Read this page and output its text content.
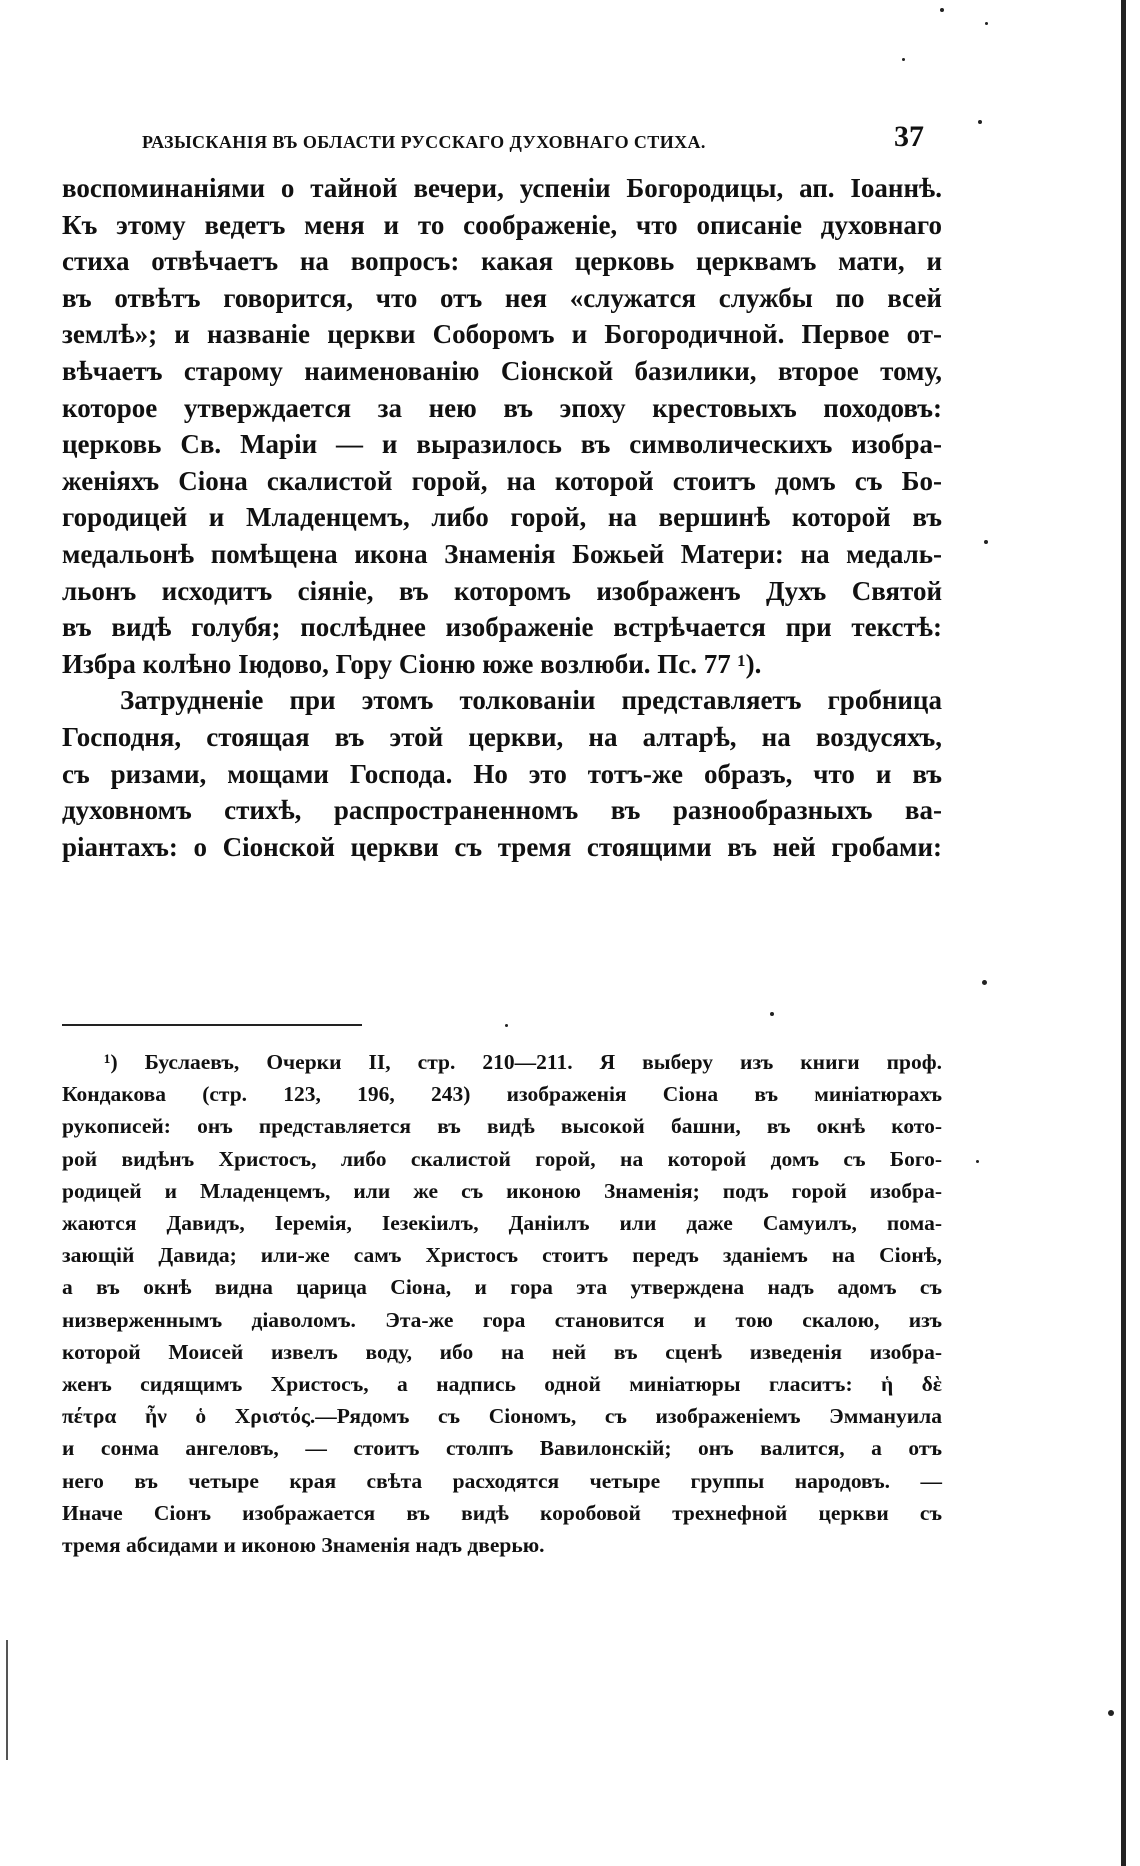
РАЗЫСКАНІЯ ВЪ ОБЛАСТИ РУССКАГО ДУХОВНАГО СТИХА.	37
воспоминаніями о тайной вечери, успеніи Богородицы, ап. Іоаннѣ.
Къ этому ведетъ меня и то соображеніе, что описаніе духовнаго
стиха отвѣчаетъ на вопросъ: какая церковь церквамъ мати, и
въ отвѣтъ говорится, что отъ нея «служатся службы по всей
землѣ»; и названіе церкви Соборомъ и Богородичной. Первое от-
вѣчаетъ старому наименованію Сіонской базилики, второе тому,
которое утверждается за нею въ эпоху крестовыхъ походовъ:
церковь Св. Маріи — и выразилось въ символическихъ изобра-
женіяхъ Сіона скалистой горой, на которой стоитъ домъ съ Бо-
городицей и Младенцемъ, либо горой, на вершинѣ которой въ
медальонѣ помѣщена икона Знаменія Божьей Матери: на медаль-
льонъ исходитъ сіяніе, въ которомъ изображенъ Духъ Святой
въ видѣ голубя; послѣднее изображеніе встрѣчается при текстѣ:
Избра колѣно Іюдово, Гору Сіоню юже возлюби. Пс. 77 ¹).
Затрудненіе при этомъ толкованіи представляетъ гробница
Господня, стоящая въ этой церкви, на алтарѣ, на воздусяхъ,
съ ризами, мощами Господа. Но это тотъ-же образъ, что и въ
духовномъ стихѣ, распространенномъ въ разнообразныхъ ва-
ріантахъ: о Сіонской церкви съ тремя стоящими въ ней гробами:
¹) Буслаевъ, Очерки II, стр. 210—211. Я выберу изъ книги проф.
Кондакова (стр. 123, 196, 243) изображенія Сіона въ миніатюрахъ
рукописей: онъ представляется въ видѣ высокой башни, въ окнѣ кото-
рой видѣнъ Христосъ, либо скалистой горой, на которой домъ съ Бого-
родицей и Младенцемъ, или же съ иконою Знаменія; подъ горой изобра-
жаются Давидъ, Іеремія, Іезекіилъ, Даніилъ или даже Самуилъ, пома-
зающій Давида; или-же самъ Христосъ стоитъ передъ зданіемъ на Сіонѣ,
а въ окнѣ видна царица Сіона, и гора эта утверждена надъ адомъ съ
низверженнымъ діаволомъ. Эта-же гора становится и тою скалою, изъ
которой Моисей извелъ воду, ибо на ней въ сценѣ изведенія изобра-
женъ сидящимъ Христосъ, а надпись одной миніатюры гласитъ: ἡ δὲ
πέτρα ἦν ὁ Χριστός.—Рядомъ съ Сіономъ, съ изображеніемъ Эммануила
и сонма ангеловъ, — стоитъ столпъ Вавилонскій; онъ валится, а отъ
него въ четыре края свѣта расходятся четыре группы народовъ. —
Иначе Сіонъ изображается въ видѣ коробовой трехнефной церкви съ
тремя абсидами и иконою Знаменія надъ дверью.
